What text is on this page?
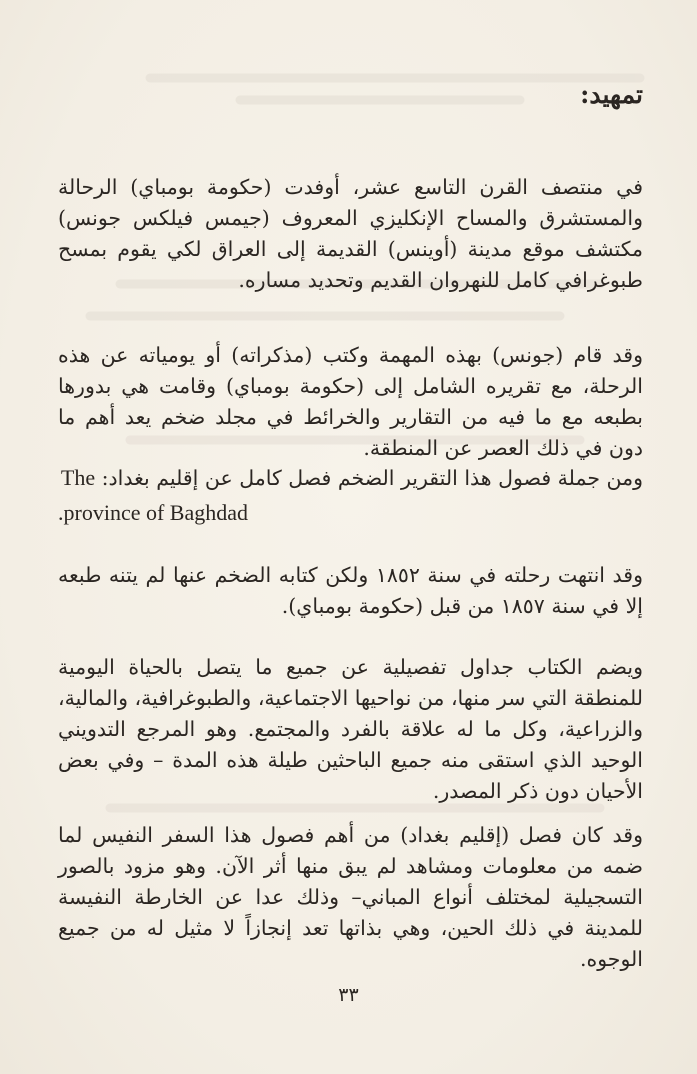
تمهيد:

في منتصف القرن التاسع عشر، أوفدت (حكومة بومباي) الرحالة والمستشرق والمساح الإنكليزي المعروف (جيمس فيلكس جونس) مكتشف موقع مدينة (أوينس) القديمة إلى العراق لكي يقوم بمسح طبوغرافي كامل للنهروان القديم وتحديد مساره.

وقد قام (جونس) بهذه المهمة وكتب (مذكراته) أو يومياته عن هذه الرحلة، مع تقريره الشامل إلى (حكومة بومباي) وقامت هي بدورها بطبعه مع ما فيه من التقارير والخرائط في مجلد ضخم يعد أهم ما دون في ذلك العصر عن المنطقة.

ومن جملة فصول هذا التقرير الضخم فصل كامل عن إقليم بغداد: The
.province of Baghdad

وقد انتهت رحلته في سنة ١٨٥٢ ولكن كتابه الضخم عنها لم يتنه طبعه إلا في سنة ١٨٥٧ من قبل (حكومة بومباي).

ويضم الكتاب جداول تفصيلية عن جميع ما يتصل بالحياة اليومية للمنطقة التي سر منها، من نواحيها الاجتماعية، والطبوغرافية، والمالية، والزراعية، وكل ما له علاقة بالفرد والمجتمع. وهو المرجع التدويني الوحيد الذي استقى منه جميع الباحثين طيلة هذه المدة – وفي بعض الأحيان دون ذكر المصدر.

وقد كان فصل (إقليم بغداد) من أهم فصول هذا السفر النفيس لما ضمه من معلومات ومشاهد لم يبق منها أثر الآن. وهو مزود بالصور التسجيلية لمختلف أنواع المباني– وذلك عدا عن الخارطة النفيسة للمدينة في ذلك الحين، وهي بذاتها تعد إنجازاً لا مثيل له من جميع الوجوه.

٣٣
